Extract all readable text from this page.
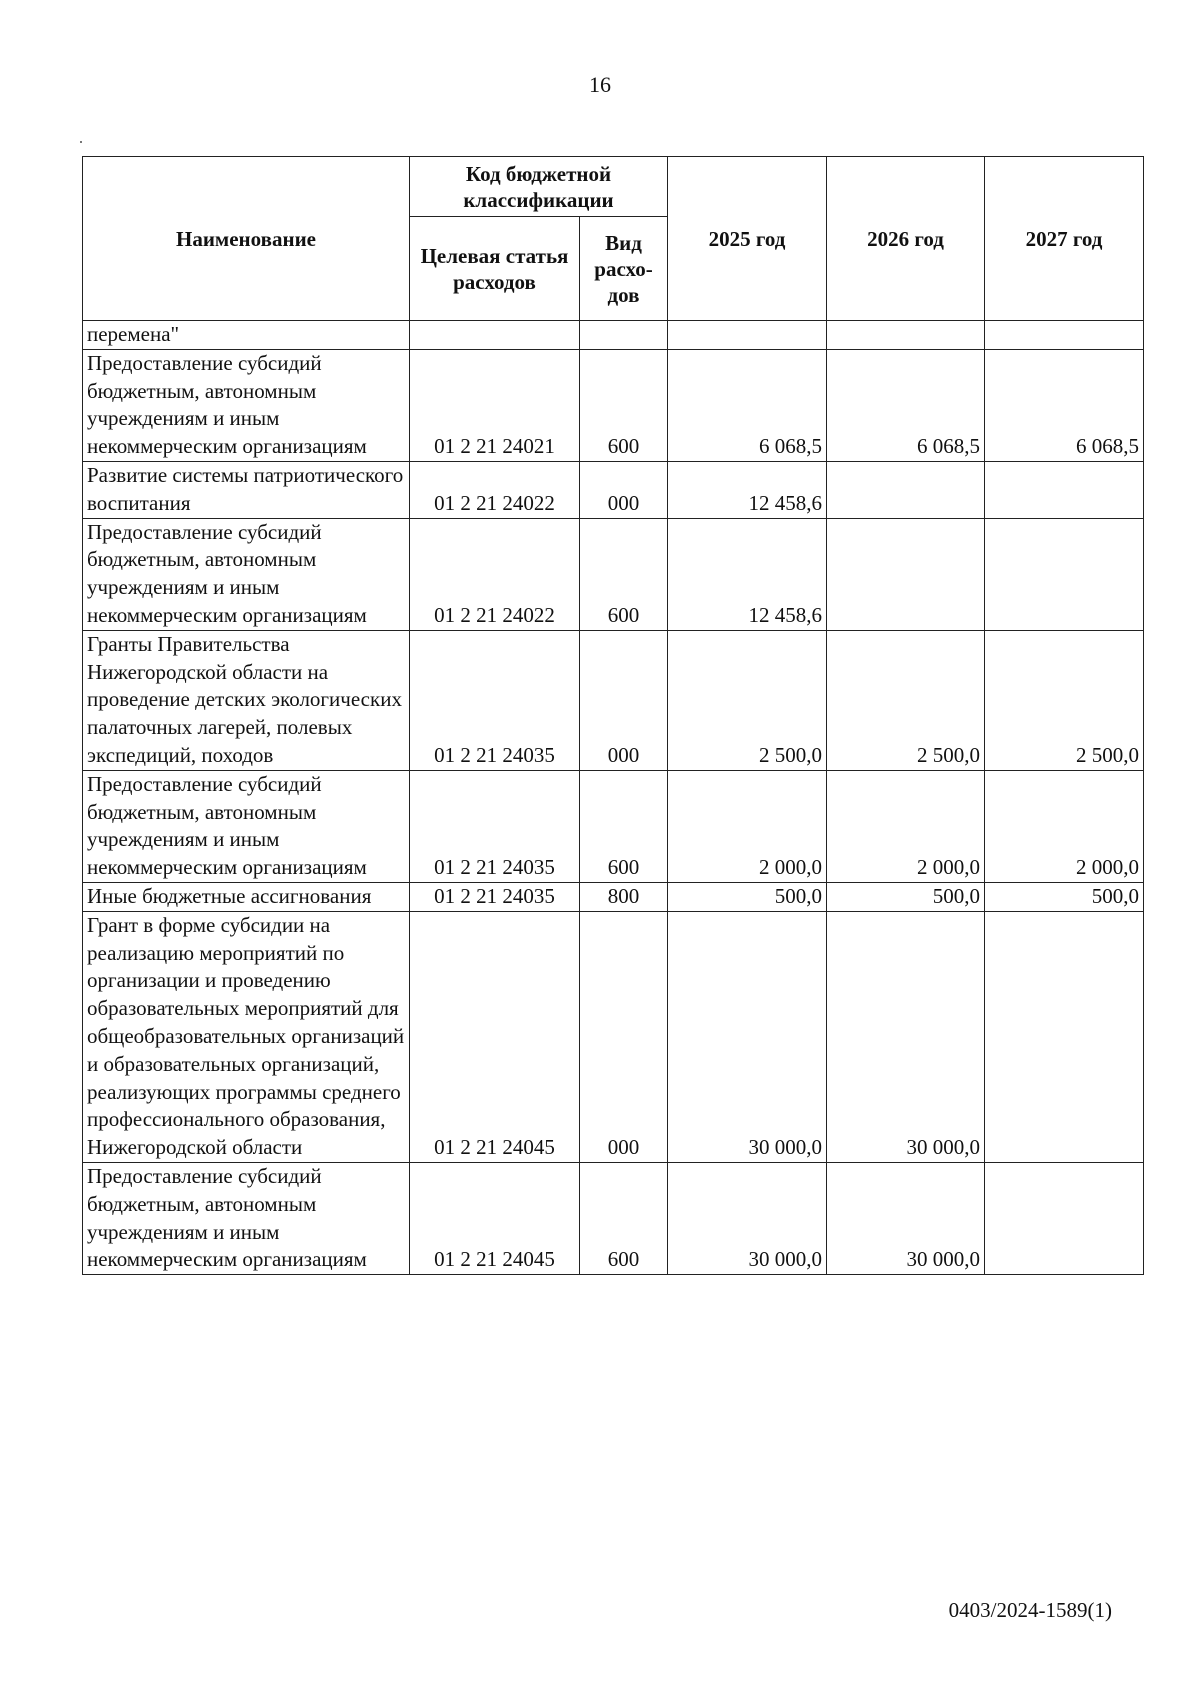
16
Наименование	Код бюджетной классификации		2025 год	2026 год	2027 год
	Целевая статья расходов	Вид расхо-дов			
перемена"					
Предоставление субсидий бюджетным, автономным учреждениям и иным некоммерческим организациям	01 2 21 24021	600	6 068,5	6 068,5	6 068,5
Развитие системы патриотического воспитания	01 2 21 24022	000	12 458,6		
Предоставление субсидий бюджетным, автономным учреждениям и иным некоммерческим организациям	01 2 21 24022	600	12 458,6		
Гранты Правительства Нижегородской области на проведение детских экологических палаточных лагерей, полевых экспедиций, походов	01 2 21 24035	000	2 500,0	2 500,0	2 500,0
Предоставление субсидий бюджетным, автономным учреждениям и иным некоммерческим организациям	01 2 21 24035	600	2 000,0	2 000,0	2 000,0
Иные бюджетные ассигнования	01 2 21 24035	800	500,0	500,0	500,0
Грант в форме субсидии на реализацию мероприятий по организации и проведению образовательных мероприятий для общеобразовательных организаций и образовательных организаций, реализующих программы среднего профессионального образования, Нижегородской области	01 2 21 24045	000	30 000,0	30 000,0	
Предоставление субсидий бюджетным, автономным учреждениям и иным некоммерческим организациям	01 2 21 24045	600	30 000,0	30 000,0	
0403/2024-1589(1)
